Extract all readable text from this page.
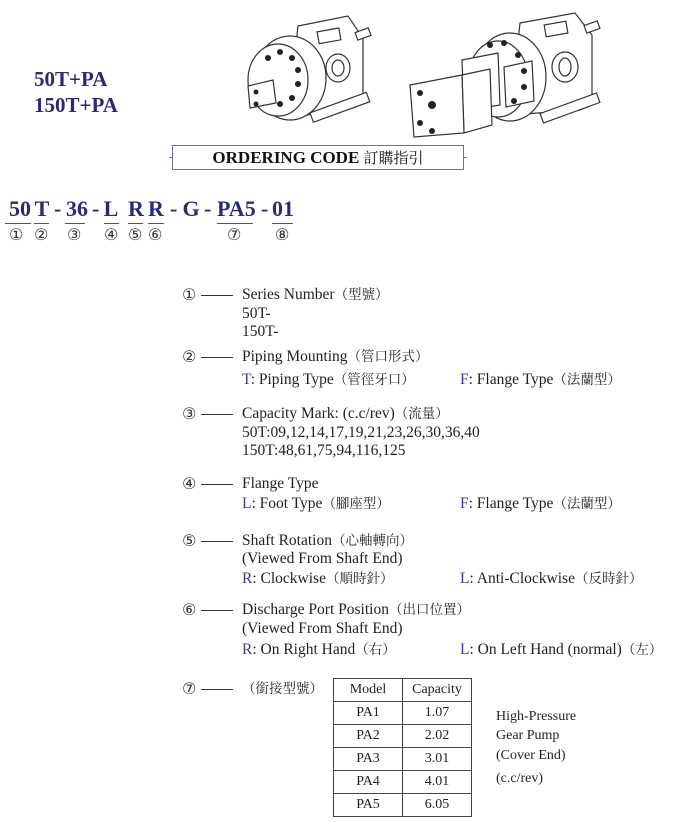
50T+PA
150T+PA
ORDERING CODE 訂購指引
50 T - 36 - L R R - G - PA5 - 01
① ② ③ ④ ⑤ ⑥	⑦ ⑧
①	Series Number（型號）
50T-
150T-
②	Piping Mounting（管口形式）
T: Piping Type（管徑牙口）	F: Flange Type（法蘭型）
③	Capacity Mark: (c.c/rev)（流量）
50T:09,12,14,17,19,21,23,26,30,36,40
150T:48,61,75,94,116,125
④	Flange Type
L: Foot Type（腳座型）	F: Flange Type（法蘭型）
⑤	Shaft Rotation（心軸轉向）
(Viewed From Shaft End)
R: Clockwise（順時針）	L: Anti-Clockwise（反時針）
⑥	Discharge Port Position（出口位置）
(Viewed From Shaft End)
R: On Right Hand（右）	L: On Left Hand (normal)（左）
⑦	（銜接型號） Model	Capacity
PA1	1.07
PA2	2.02
PA3	3.01
PA4	4.01
PA5	6.05
High-Pressure
Gear Pump
(Cover End)
(c.c/rev)
